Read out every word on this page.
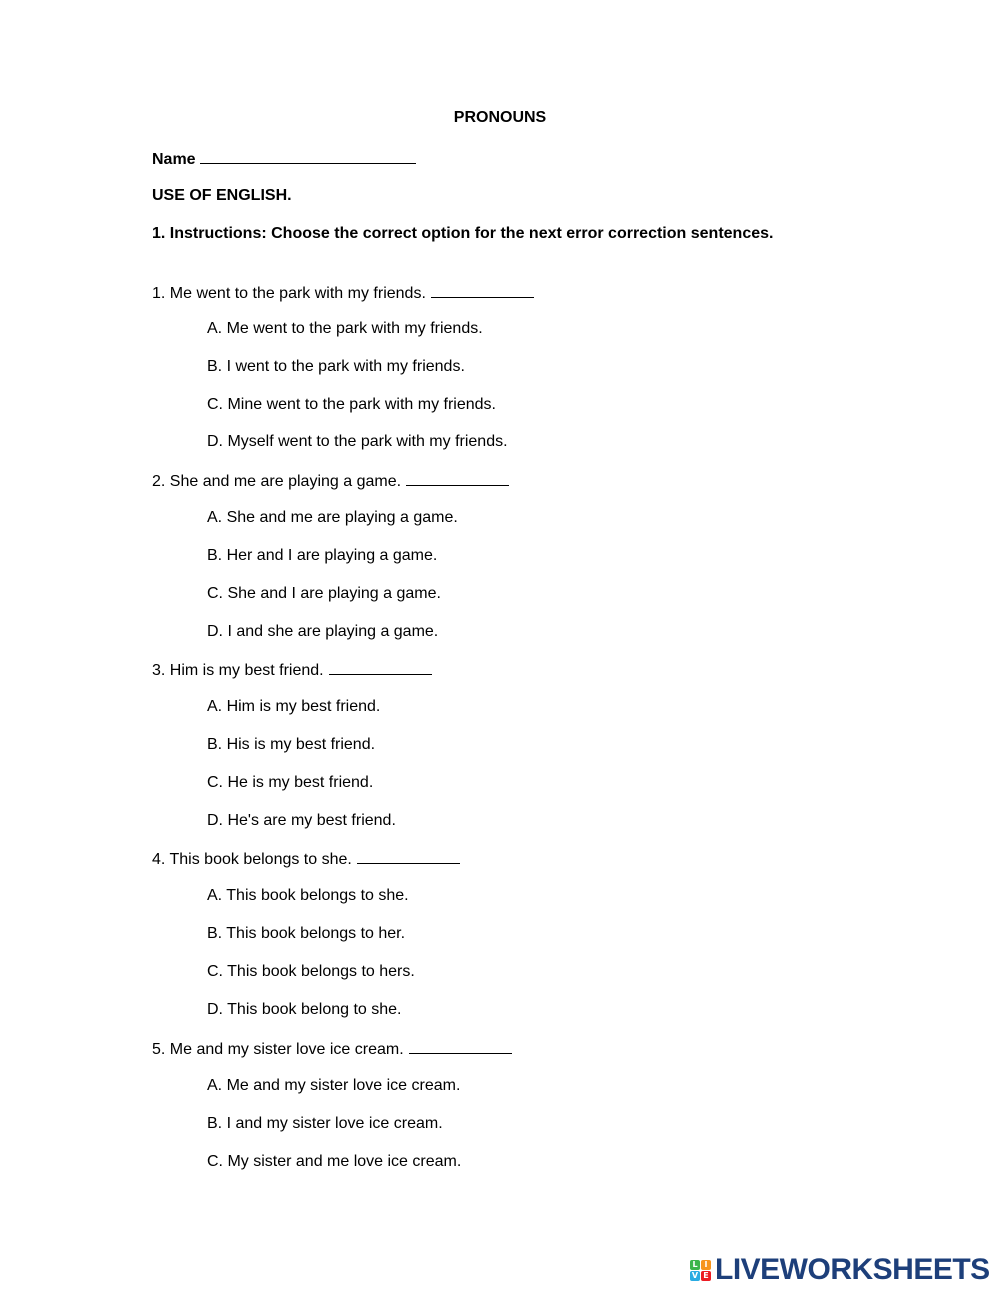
PRONOUNS
Name
USE OF ENGLISH.
1. Instructions: Choose the correct option for the next error correction sentences.
1. Me went to the park with my friends.
A. Me went to the park with my friends.
B. I went to the park with my friends.
C. Mine went to the park with my friends.
D. Myself went to the park with my friends.
2. She and me are playing a game.
A. She and me are playing a game.
B. Her and I are playing a game.
C. She and I are playing a game.
D. I and she are playing a game.
3. Him is my best friend.
A. Him is my best friend.
B. His is my best friend.
C. He is my best friend.
D. He's are my best friend.
4. This book belongs to she.
A. This book belongs to she.
B. This book belongs to her.
C. This book belongs to hers.
D. This book belong to she.
5. Me and my sister love ice cream.
A. Me and my sister love ice cream.
B. I and my sister love ice cream.
C. My sister and me love ice cream.
L I
V E LIVEWORKSHEETS
